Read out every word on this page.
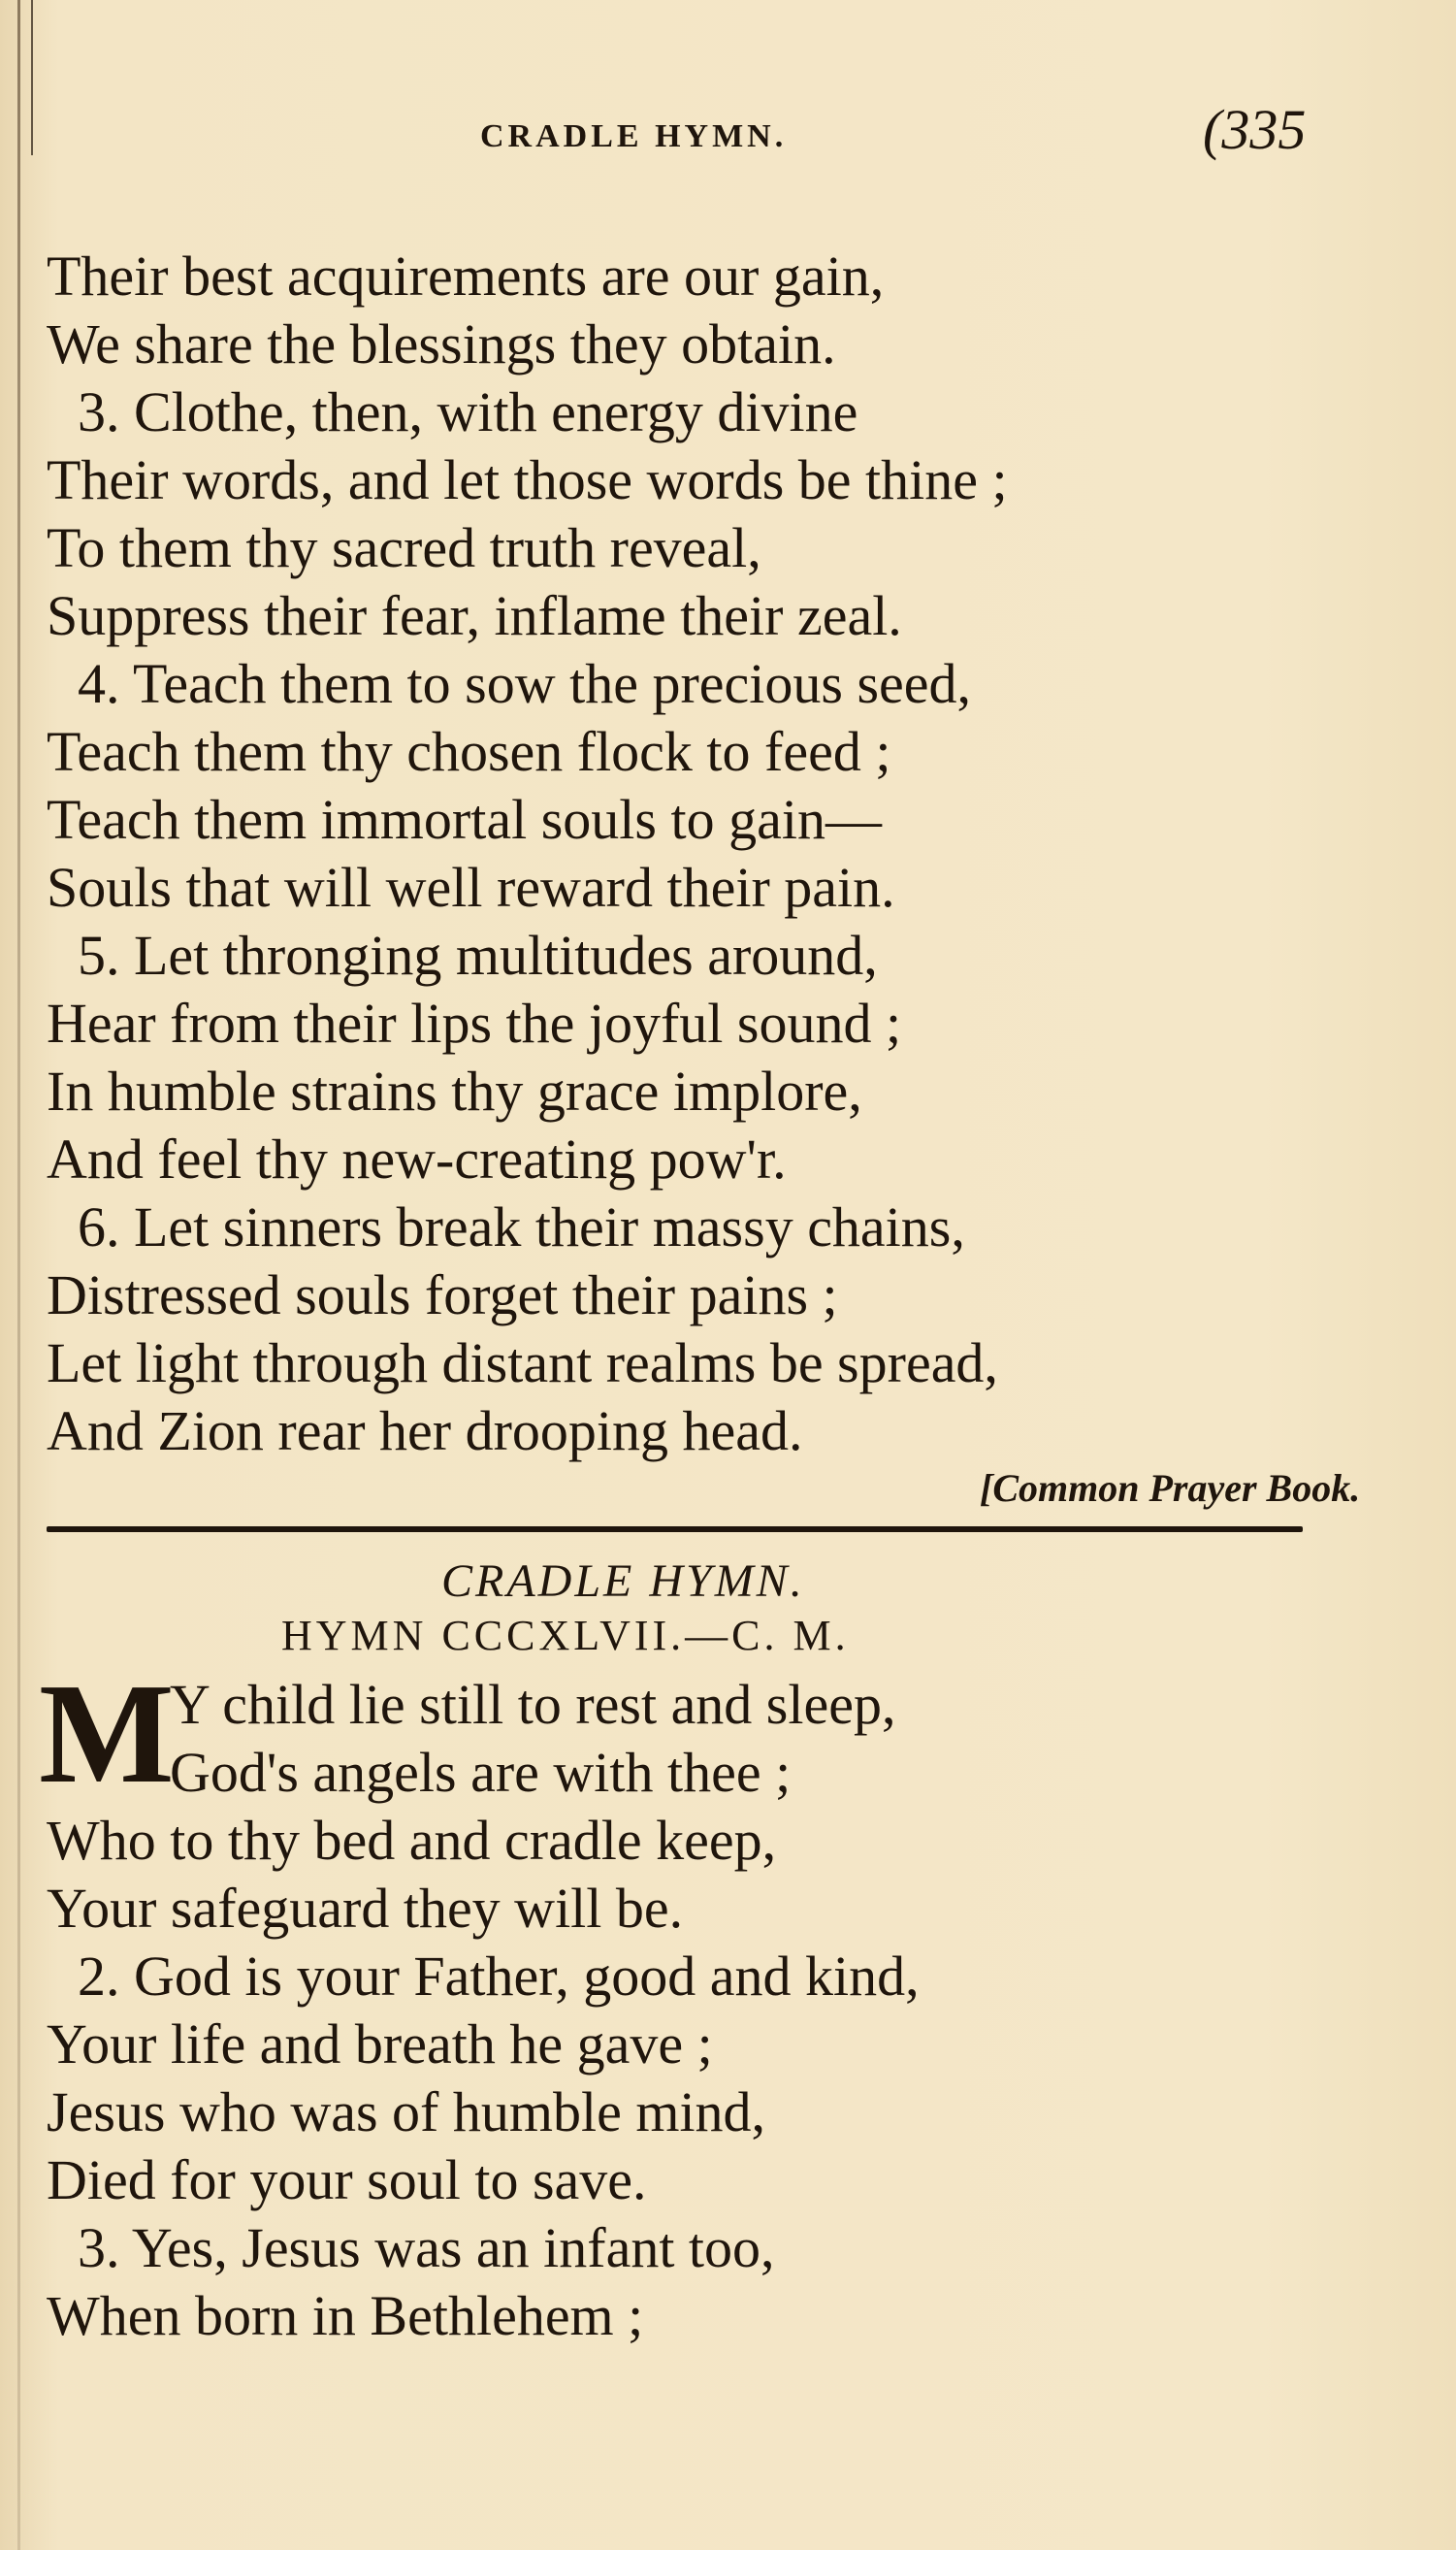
CRADLE HYMN.	(335
Their best acquirements are our gain,
We share the blessings they obtain.
3. Clothe, then, with energy divine
Their words, and let those words be thine ;
To them thy sacred truth reveal,
Suppress their fear, inflame their zeal.
4. Teach them to sow the precious seed,
Teach them thy chosen flock to feed ;
Teach them immortal souls to gain—
Souls that will well reward their pain.
5. Let thronging multitudes around,
Hear from their lips the joyful sound ;
In humble strains thy grace implore,
And feel thy new-creating pow'r.
6. Let sinners break their massy chains,
Distressed souls forget their pains ;
Let light through distant realms be spread,
And Zion rear her drooping head.
[Common Prayer Book.
CRADLE HYMN.
HYMN CCCXLVII.—C. M.
M
Y child lie still to rest and sleep,
God's angels are with thee ;
Who to thy bed and cradle keep,
Your safeguard they will be.
2. God is your Father, good and kind,
Your life and breath he gave ;
Jesus who was of humble mind,
Died for your soul to save.
3. Yes, Jesus was an infant too,
When born in Bethlehem ;
